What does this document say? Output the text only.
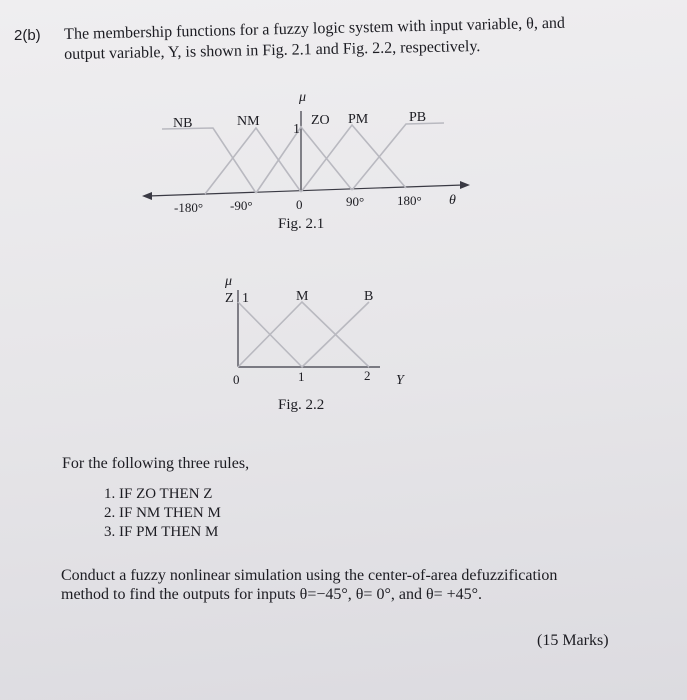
2(b) The membership functions for a fuzzy logic system with input variable, θ, and
output variable, Y, is shown in Fig. 2.1 and Fig. 2.2, respectively.
μ
1
NB	NM	ZO PM	PB
-180° -90°	0	90°	180° θ
μ
Z 1	M	B
0	1	2 Y
Fig. 2.1
Fig. 2.2
For the following three rules,
1. IF ZO THEN Z
2. IF NM THEN M
3. IF PM THEN M
Conduct a fuzzy nonlinear simulation using the center-of-area defuzzification
method to find the outputs for inputs θ=−45°, θ= 0°, and θ= +45°.
(15 Marks)
